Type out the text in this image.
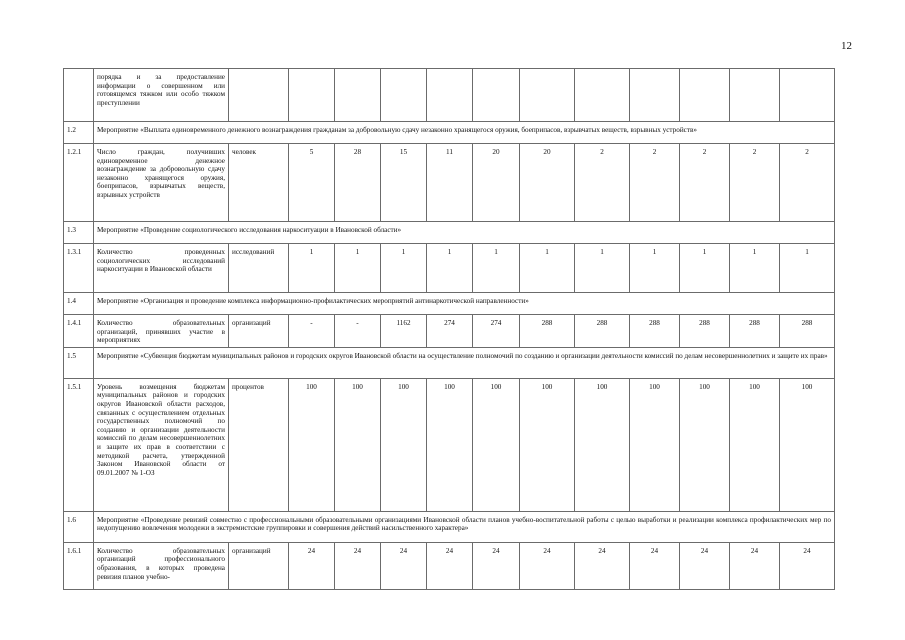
12
	порядка и за предоставление информации о совершенном или готовящемся тяжком или особо тяжком преступлении												
1.2	Мероприятие «Выплата единовременного денежного вознаграждения гражданам за добровольную сдачу незаконно хранящегося оружия, боеприпасов, взрывчатых веществ, взрывных устройств»												
1.2.1	Число граждан, получивших единовременное денежное вознаграждение за добровольную сдачу незаконно хранящегося оружия, боеприпасов, взрывчатых веществ, взрывных устройств	человек	5	28	15	11	20	20	2	2	2	2	2
1.3	Мероприятие «Проведение социологического исследования наркоситуации в Ивановской области»												
1.3.1	Количество проведенных социологических исследований наркоситуации в Ивановской области	исследований	1	1	1	1	1	1	1	1	1	1	1
1.4	Мероприятие «Организация и проведение комплекса информационно-профилактических мероприятий антинаркотической направленности»												
1.4.1	Количество образовательных организаций, принявших участие в мероприятиях	организаций	-	-	1162	274	274	288	288	288	288	288	288
1.5	Мероприятие «Субвенция бюджетам муниципальных районов и городских округов Ивановской области на осуществление полномочий по созданию и организации деятельности комиссий по делам несовершеннолетних и защите их прав»												
1.5.1	Уровень возмещения бюджетам муниципальных районов и городских округов Ивановской области расходов, связанных с осуществлением отдельных государственных полномочий по созданию и организации деятельности комиссий по делам несовершеннолетних и защите их прав в соответствии с методикой расчета, утвержденной Законом Ивановской области от 09.01.2007 № 1-ОЗ	процентов	100	100	100	100	100	100	100	100	100	100	100
1.6	Мероприятие «Проведение ревизий совместно с профессиональными образовательными организациями Ивановской области планов учебно-воспитательной работы с целью выработки и реализации комплекса профилактических мер по недопущению вовлечения молодежи в экстремистские группировки и совершения действий насильственного характера»												
1.6.1	Количество образовательных организаций профессионального образования, в которых проведена ревизия планов учебно-	организаций	24	24	24	24	24	24	24	24	24	24	24
